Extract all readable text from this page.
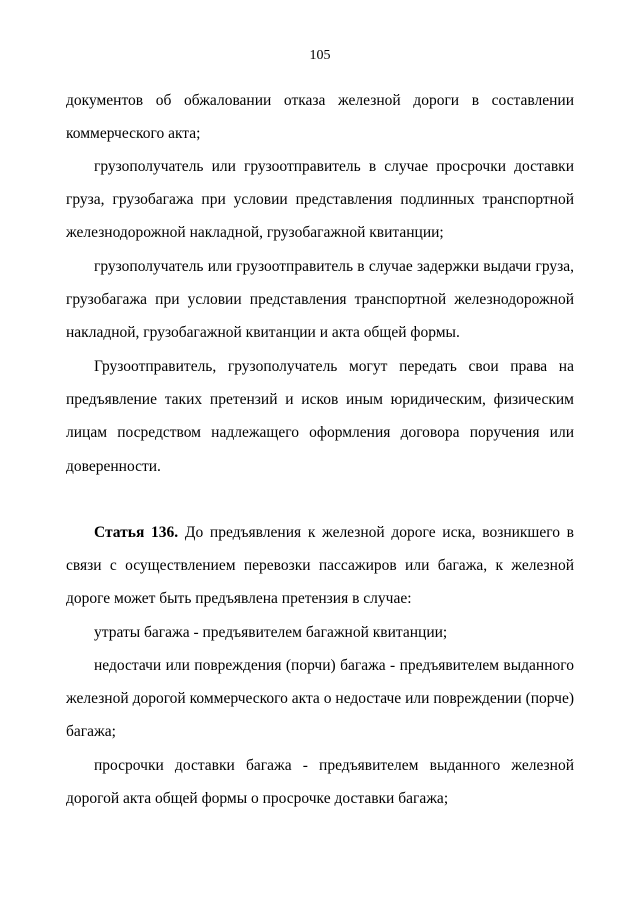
105
документов об обжаловании отказа железной дороги в составлении
коммерческого акта;
грузополучатель или грузоотправитель в случае просрочки доставки
груза, грузобагажа при условии представления подлинных транспортной
железнодорожной накладной, грузобагажной квитанции;
грузополучатель или грузоотправитель в случае задержки выдачи груза,
грузобагажа при условии представления транспортной железнодорожной
накладной, грузобагажной квитанции и акта общей формы.
Грузоотправитель, грузополучатель могут передать свои права на
предъявление таких претензий и исков иным юридическим, физическим
лицам посредством надлежащего оформления договора поручения или
доверенности.
Статья 136. До предъявления к железной дороге иска, возникшего в
связи с осуществлением перевозки пассажиров или багажа, к железной
дороге может быть предъявлена претензия в случае:
утраты багажа - предъявителем багажной квитанции;
недостачи или повреждения (порчи) багажа - предъявителем выданного
железной дорогой коммерческого акта о недостаче или повреждении (порче)
багажа;
просрочки доставки багажа - предъявителем выданного железной
дорогой акта общей формы о просрочке доставки багажа;
